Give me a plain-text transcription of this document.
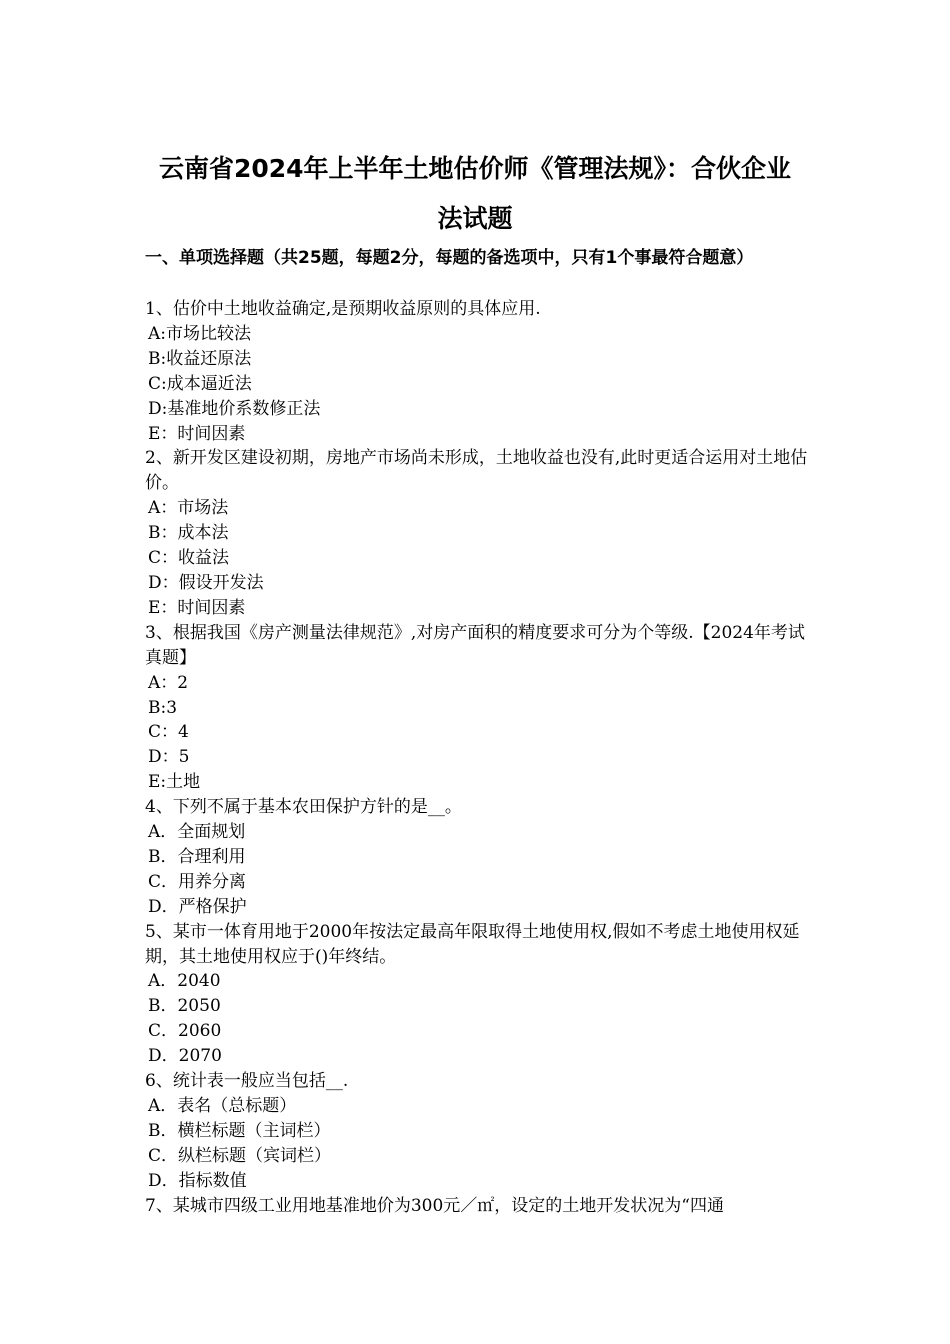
云南省2024年上半年土地估价师《管理法规》：合伙企业
法试题

一、单项选择题（共25题，每题2分，每题的备选项中，只有1个事最符合题意）

1、估价中土地收益确定,是预期收益原则的具体应用.

A:市场比较法

B:收益还原法

C:成本逼近法

D:基准地价系数修正法

E：时间因素

2、新开发区建设初期，房地产市场尚未形成，土地收益也没有,此时更适合运用对土地估价。

A：市场法

B：成本法

C：收益法

D：假设开发法

E：时间因素

3、根据我国《房产测量法律规范》,对房产面积的精度要求可分为个等级.【2024年考试真题】

A：2

B:3

C：4

D：5

E:土地

4、下列不属于基本农田保护方针的是__。

A．全面规划

B．合理利用

C．用养分离

D．严格保护

5、某市一体育用地于2000年按法定最高年限取得土地使用权,假如不考虑土地使用权延期，其土地使用权应于()年终结。

A．2040

B．2050

C．2060

D．2070

6、统计表一般应当包括__.

A．表名（总标题）

B．横栏标题（主词栏）

C．纵栏标题（宾词栏）

D．指标数值

7、某城市四级工业用地基准地价为300元／㎡，设定的土地开发状况为“四通
